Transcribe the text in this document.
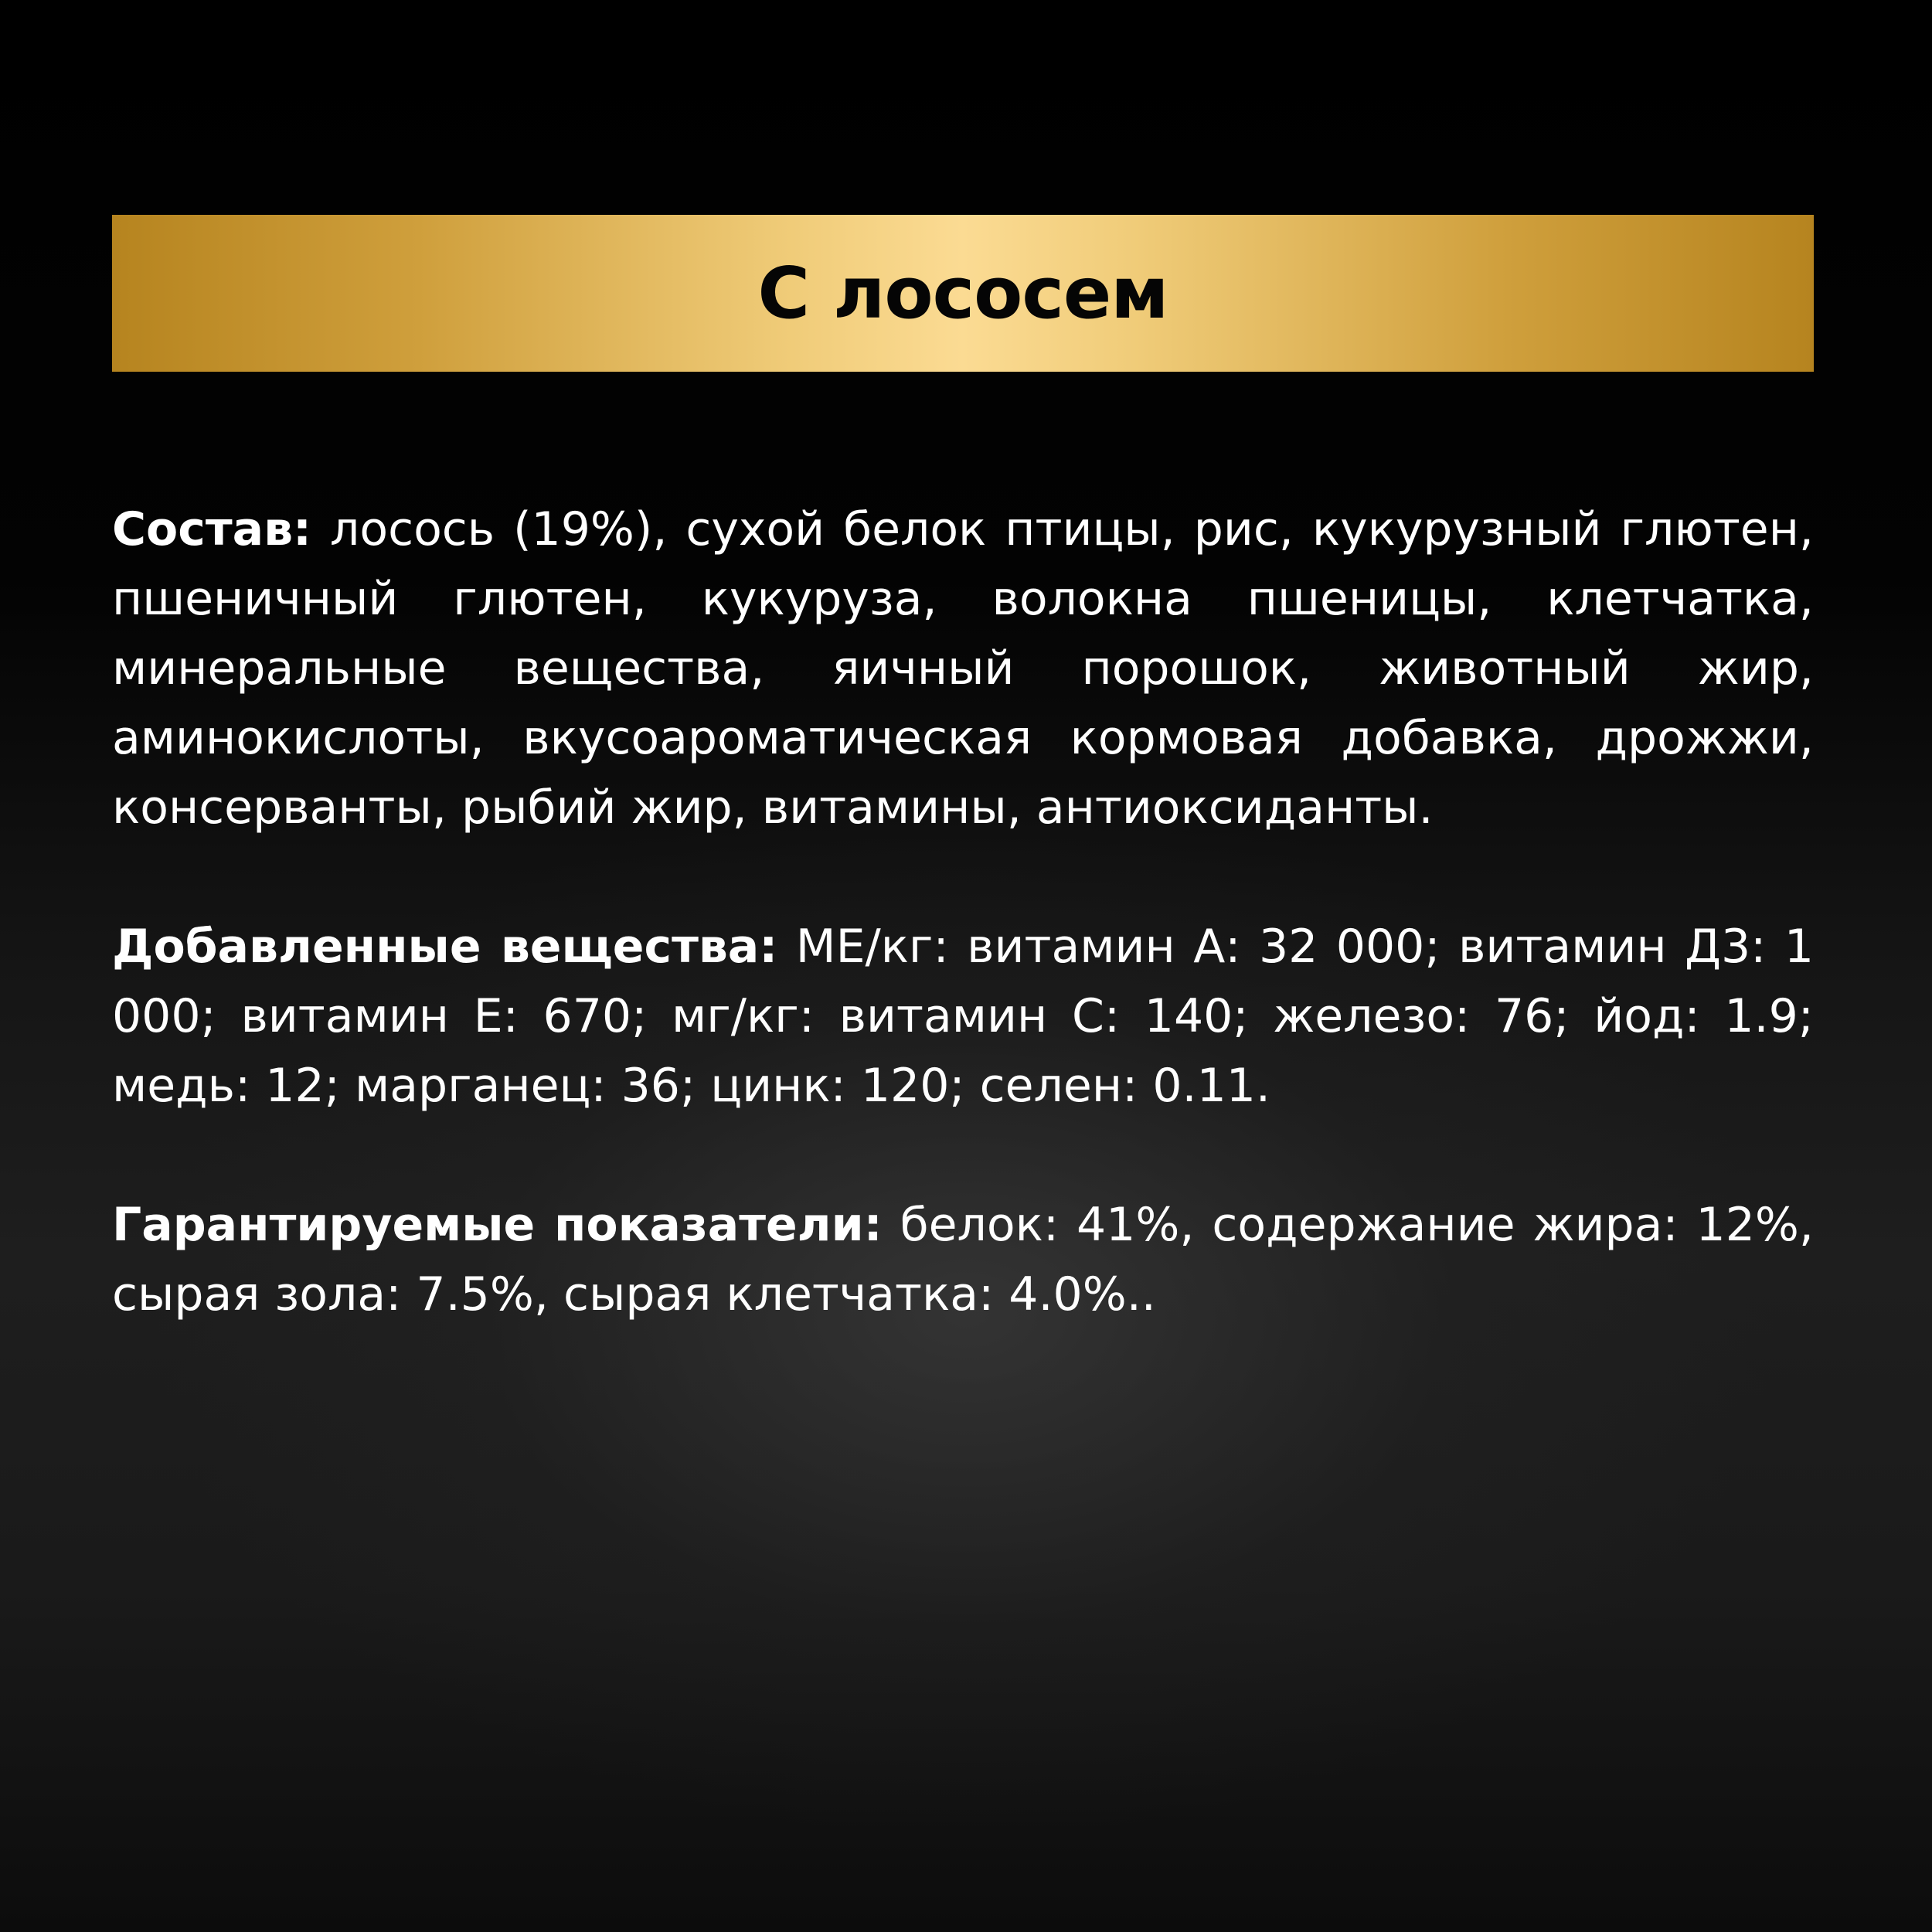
С лососем

Состав: лосось (19%), сухой белок птицы, рис, кукурузный глютен, пшеничный глютен, кукуруза, волокна пшеницы, клетчатка, минеральные вещества, яичный порошок, животный жир, аминокислоты, вкусоароматическая кормовая добавка, дрожжи, консерванты, рыбий жир, витамины, антиоксиданты.

Добавленные вещества: МЕ/кг: витамин А: 32 000; витамин Д3: 1 000; витамин Е: 670; мг/кг: витамин С: 140; железо: 76; йод: 1.9; медь: 12; марганец: 36; цинк: 120; селен: 0.11.

Гарантируемые показатели: белок: 41%, содержание жира: 12%, сырая зола: 7.5%, сырая клетчатка: 4.0%..
